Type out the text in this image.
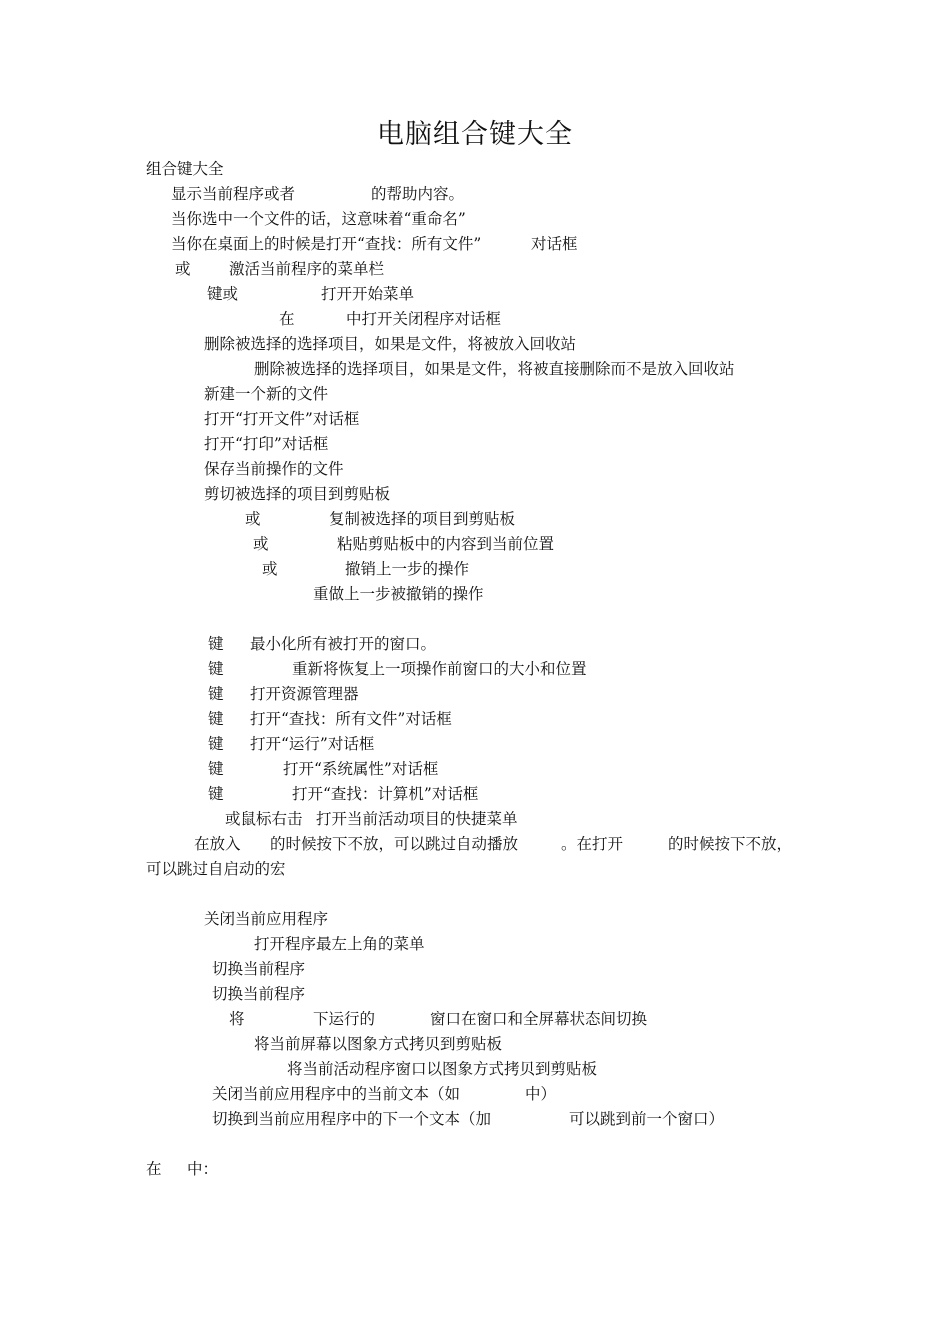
电脑组合键大全
组合键大全
显示当前程序或者	的帮助内容。
当你选中一个文件的话，这意味着“重命名”
当你在桌面上的时候是打开“查找：所有文件”	对话框
或 激活当前程序的菜单栏
键或	打开开始菜单
在	中打开关闭程序对话框
删除被选择的选择项目，如果是文件，将被放入回收站
删除被选择的选择项目，如果是文件，将被直接删除而不是放入回收站
新建一个新的文件
打开“打开文件”对话框
打开“打印”对话框
保存当前操作的文件
剪切被选择的项目到剪贴板
或	复制被选择的项目到剪贴板
或	粘贴剪贴板中的内容到当前位置
或	撤销上一步的操作
重做上一步被撤销的操作
键 最小化所有被打开的窗口。
键	重新将恢复上一项操作前窗口的大小和位置
键 打开资源管理器
键 打开“查找：所有文件”对话框
键 打开“运行”对话框
键	打开“系统属性”对话框
键	打开“查找：计算机”对话框
或鼠标右击 打开当前活动项目的快捷菜单
在放入 的时候按下不放，可以跳过自动播放	。在打开	的时候按下不放，
可以跳过自启动的宏
关闭当前应用程序
打开程序最左上角的菜单
切换当前程序
切换当前程序
将	下运行的	窗口在窗口和全屏幕状态间切换
将当前屏幕以图象方式拷贝到剪贴板
将当前活动程序窗口以图象方式拷贝到剪贴板
关闭当前应用程序中的当前文本（如	中）
切换到当前应用程序中的下一个文本（加	可以跳到前一个窗口）
在 中：
